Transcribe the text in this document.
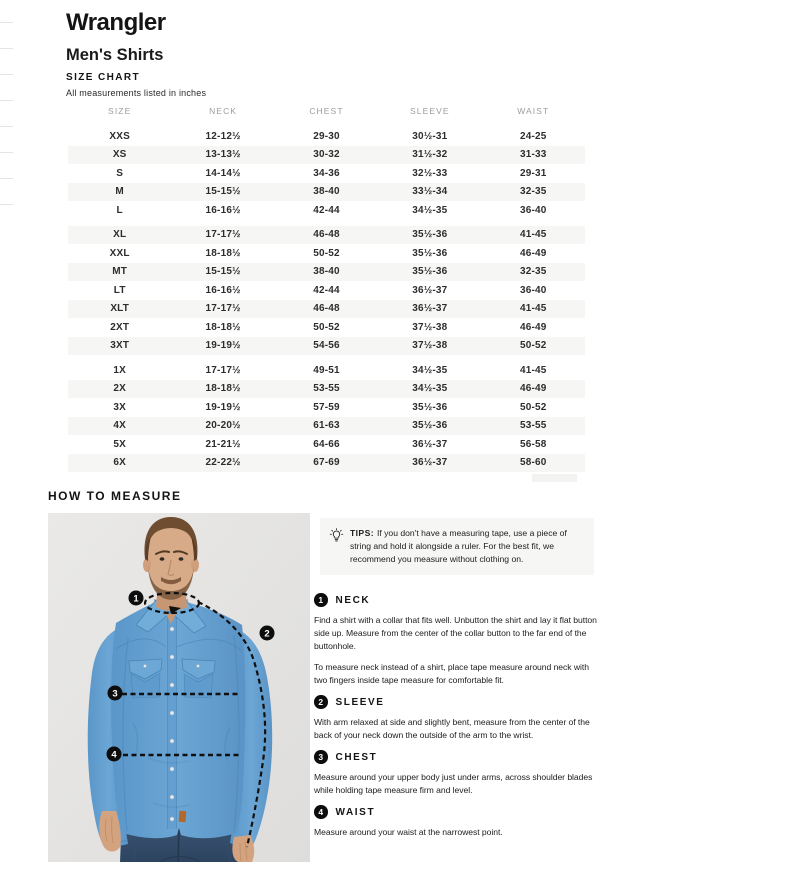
Wrangler
Men's Shirts
SIZE CHART
All measurements listed in inches
SIZE	NECK	CHEST	SLEEVE	WAIST
XXS	12-12½	29-30	30½-31	24-25
XS	13-13½	30-32	31½-32	31-33
S	14-14½	34-36	32½-33	29-31
M	15-15½	38-40	33½-34	32-35
L	16-16½	42-44	34½-35	36-40
XL	17-17½	46-48	35½-36	41-45
XXL	18-18½	50-52	35½-36	46-49
MT	15-15½	38-40	35½-36	32-35
LT	16-16½	42-44	36½-37	36-40
XLT	17-17½	46-48	36½-37	41-45
2XT	18-18½	50-52	37½-38	46-49
3XT	19-19½	54-56	37½-38	50-52
1X	17-17½	49-51	34½-35	41-45
2X	18-18½	53-55	34½-35	46-49
3X	19-19½	57-59	35½-36	50-52
4X	20-20½	61-63	35½-36	53-55
5X	21-21½	64-66	36½-37	56-58
6X	22-22½	67-69	36½-37	58-60
HOW TO MEASURE
1
2
3
4

TIPS: If you don't have a measuring tape, use a piece of string and hold it alongside a ruler. For the best fit, we recommend you measure without clothing on.

1	NECK

Find a shirt with a collar that fits well. Unbutton the shirt and lay it flat button side up. Measure from the center of the collar button to the far end of the buttonhole.

To measure neck instead of a shirt, place tape measure around neck with two fingers inside tape measure for comfortable fit.

2	SLEEVE

With arm relaxed at side and slightly bent, measure from the center of the back of your neck down the outside of the arm to the wrist.

3	CHEST

Measure around your upper body just under arms, across shoulder blades while holding tape measure firm and level.

4	WAIST

Measure around your waist at the narrowest point.
